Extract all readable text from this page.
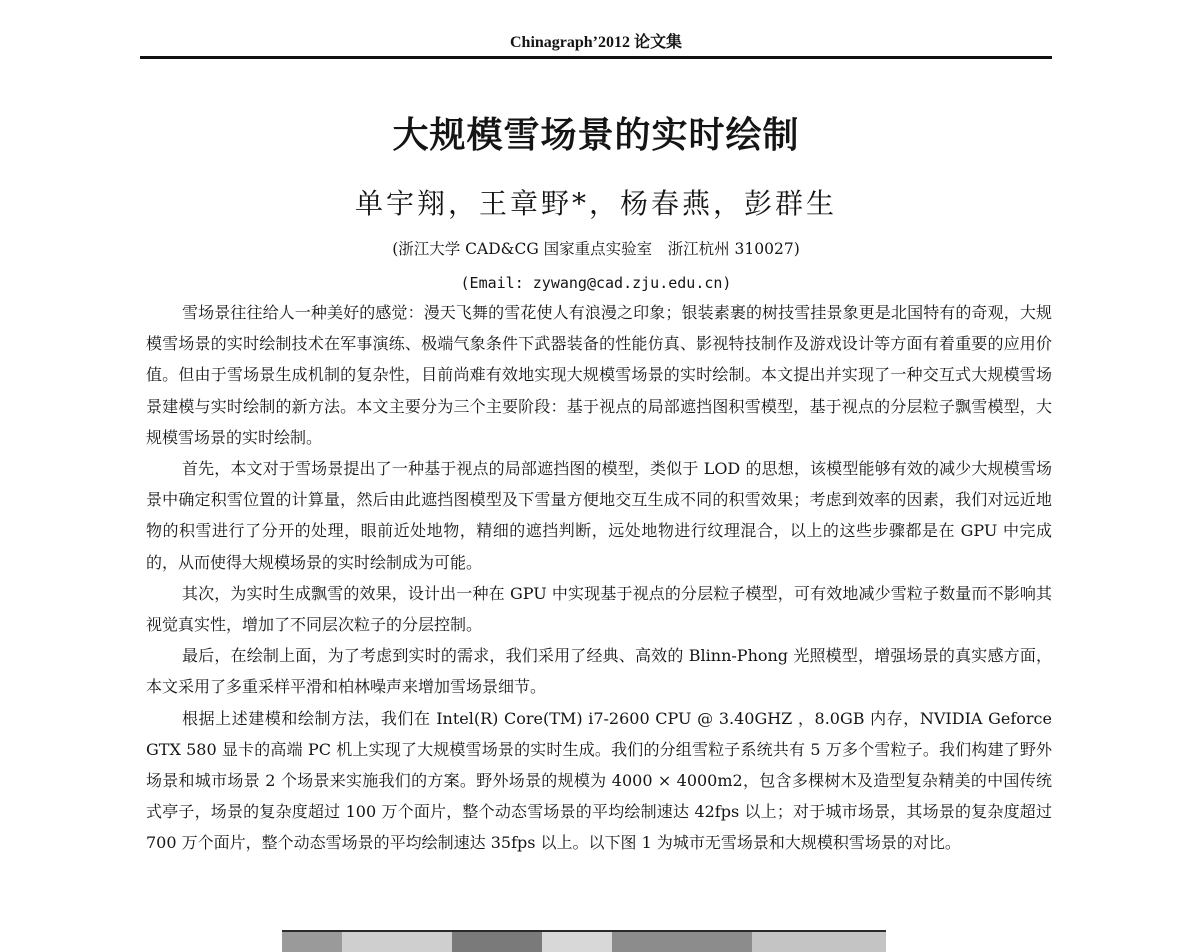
Chinagraph’2012 论文集
大规模雪场景的实时绘制
单宇翔，王章野*，杨春燕，彭群生
(浙江大学 CAD&CG 国家重点实验室　浙江杭州 310027)
(Email: zywang@cad.zju.edu.cn)

雪场景往往给人一种美好的感觉：漫天飞舞的雪花使人有浪漫之印象；银装素裹的树技雪挂景象更是北国特有的奇观，大规模雪场景的实时绘制技术在军事演练、极端气象条件下武器装备的性能仿真、影视特技制作及游戏设计等方面有着重要的应用价值。但由于雪场景生成机制的复杂性，目前尚难有效地实现大规模雪场景的实时绘制。本文提出并实现了一种交互式大规模雪场景建模与实时绘制的新方法。本文主要分为三个主要阶段：基于视点的局部遮挡图积雪模型，基于视点的分层粒子飘雪模型，大规模雪场景的实时绘制。

首先，本文对于雪场景提出了一种基于视点的局部遮挡图的模型，类似于 LOD 的思想，该模型能够有效的减少大规模雪场景中确定积雪位置的计算量，然后由此遮挡图模型及下雪量方便地交互生成不同的积雪效果；考虑到效率的因素，我们对远近地物的积雪进行了分开的处理，眼前近处地物，精细的遮挡判断，远处地物进行纹理混合，以上的这些步骤都是在 GPU 中完成的，从而使得大规模场景的实时绘制成为可能。

其次，为实时生成飘雪的效果，设计出一种在 GPU 中实现基于视点的分层粒子模型，可有效地减少雪粒子数量而不影响其视觉真实性，增加了不同层次粒子的分层控制。

最后，在绘制上面，为了考虑到实时的需求，我们采用了经典、高效的 Blinn-Phong 光照模型，增强场景的真实感方面，本文采用了多重采样平滑和柏林噪声来增加雪场景细节。

根据上述建模和绘制方法，我们在 Intel(R) Core(TM) i7-2600 CPU @ 3.40GHZ ，8.0GB 内存，NVIDIA Geforce GTX 580 显卡的高端 PC 机上实现了大规模雪场景的实时生成。我们的分组雪粒子系统共有 5 万多个雪粒子。我们构建了野外场景和城市场景 2 个场景来实施我们的方案。野外场景的规模为 4000 × 4000m2，包含多棵树木及造型复杂精美的中国传统式亭子，场景的复杂度超过 100 万个面片，整个动态雪场景的平均绘制速达 42fps 以上；对于城市场景，其场景的复杂度超过 700 万个面片，整个动态雪场景的平均绘制速达 35fps 以上。以下图 1 为城市无雪场景和大规模积雪场景的对比。
